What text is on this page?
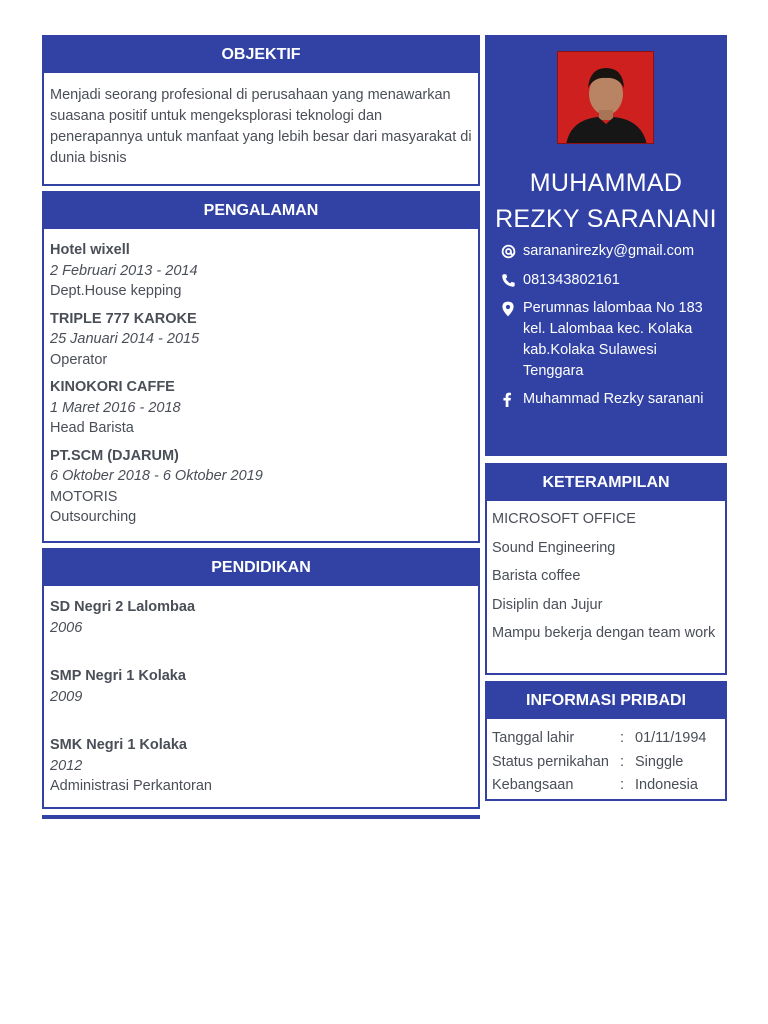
OBJEKTIF
Menjadi seorang profesional di perusahaan yang menawarkan suasana positif untuk mengeksplorasi teknologi dan penerapannya untuk manfaat yang lebih besar dari masyarakat di dunia bisnis
PENGALAMAN
Hotel wixell
2 Februari 2013 - 2014
Dept.House kepping
TRIPLE 777 KAROKE
25 Januari 2014 - 2015
Operator
KINOKORI CAFFE
1 Maret 2016 - 2018
Head Barista
PT.SCM (DJARUM)
6 Oktober 2018 - 6 Oktober 2019
MOTORIS
Outsourching
PENDIDIKAN
SD Negri 2 Lalombaa
2006
SMP Negri 1 Kolaka
2009
SMK Negri 1 Kolaka
2012
Administrasi Perkantoran
MUHAMMAD
REZKY SARANANI
sarananirezky@gmail.com
081343802161
Perumnas lalombaa No 183 kel. Lalombaa kec. Kolaka kab.Kolaka Sulawesi Tenggara
Muhammad Rezky saranani
KETERAMPILAN
MICROSOFT OFFICE
Sound Engineering
Barista coffee
Disiplin dan Jujur
Mampu bekerja dengan team work
INFORMASI PRIBADI
Tanggal lahir	: 01/11/1994
Status pernikahan : Singgle
Kebangsaan	: Indonesia
